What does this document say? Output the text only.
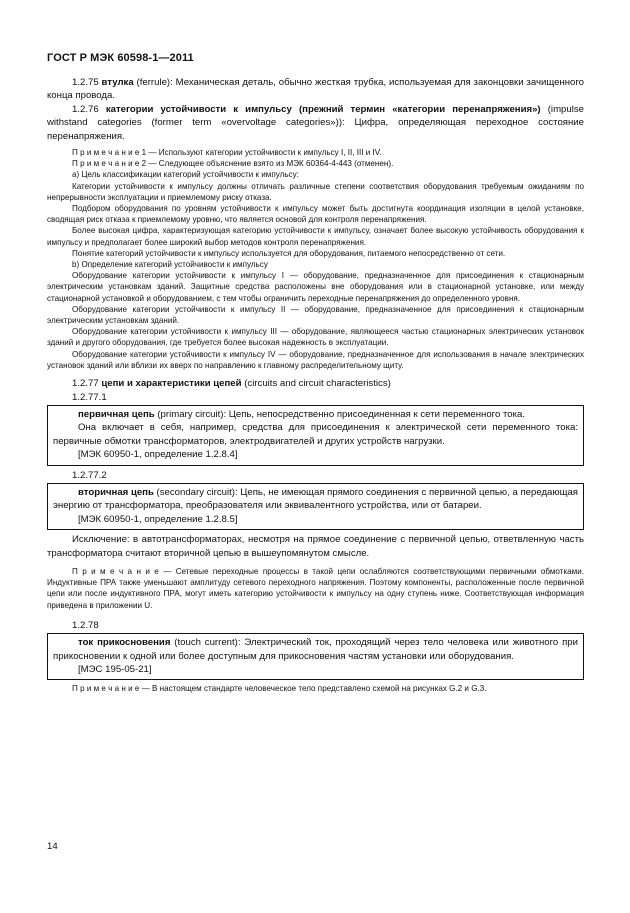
ГОСТ Р МЭК 60598-1—2011

1.2.75 втулка (ferrule): Механическая деталь, обычно жесткая трубка, используемая для законцовки зачищенного конца провода.

1.2.76 категории устойчивости к импульсу (прежний термин «категории перенапряжения») (impulse withstand categories (former term «overvoltage categories»)): Цифра, определяющая переходное состояние перенапряжения.

П р и м е ч а н и е 1 — Используют категории устойчивости к импульсу I, II, III и IV.

П р и м е ч а н и е 2 — Следующее объяснение взято из МЭК 60364-4-443 (отменен).

а) Цель классификации категорий устойчивости к импульсу:

Категории устойчивости к импульсу должны отличать различные степени соответствия оборудования требуемым ожиданиям по непрерывности эксплуатации и приемлемому риску отказа.

Подбором оборудования по уровням устойчивости к импульсу может быть достигнута координация изоляции в целой установке, сводящая риск отказа к приемлемому уровню, что является основой для контроля перенапряжения.

Более высокая цифра, характеризующая категорию устойчивости к импульсу, означает более высокую устойчивость оборудования к импульсу и предполагает более широкий выбор методов контроля перенапряжения.

Понятие категорий устойчивости к импульсу используется для оборудования, питаемого непосредственно от сети.

b) Определение категорий устойчивости к импульсу

Оборудование категории устойчивости к импульсу I — оборудование, предназначенное для присоединения к стационарным электрическим установкам зданий. Защитные средства расположены вне оборудования или в стационарной установке, или между стационарной установкой и оборудованием, с тем чтобы ограничить переходные перенапряжения до определенного уровня.

Оборудование категории устойчивости к импульсу II — оборудование, предназначенное для присоединения к стационарным электрическим установкам зданий.

Оборудование категории устойчивости к импульсу III — оборудование, являющееся частью стационарных электрических установок зданий и другого оборудования, где требуется более высокая надежность в эксплуатации.

Оборудование категории устойчивости к импульсу IV — оборудование, предназначенное для использования в начале электрических установок зданий или вблизи их вверх по направлению к главному распределительному щиту.

1.2.77 цепи и характеристики цепей (circuits and circuit characteristics)

1.2.77.1

первичная цепь (primary circuit): Цепь, непосредственно присоединенная к сети переменного тока.

Она включает в себя, например, средства для присоединения к электрической сети переменного тока: первичные обмотки трансформаторов, электродвигателей и других устройств нагрузки.

[МЭК 60950-1, определение 1.2.8.4]

1.2.77.2

вторичная цепь (secondary circuit): Цепь, не имеющая прямого соединения с первичной цепью, а передающая энергию от трансформатора, преобразователя или эквивалентного устройства, или от батареи.

[МЭК 60950-1, определение 1.2.8.5]

Исключение: в автотрансформаторах, несмотря на прямое соединение с первичной цепью, ответвленную часть трансформатора считают вторичной цепью в вышеупомянутом смысле.

П р и м е ч а н и е — Сетевые переходные процессы в такой цепи ослабляются соответствующими первичными обмотками. Индуктивные ПРА также уменьшают амплитуду сетевого переходного напряжения. Поэтому компоненты, расположенные после первичной цепи или после индуктивного ПРА, могут иметь категорию устойчивости к импульсу на одну ступень ниже. Соответствующая информация приведена в приложении U.

1.2.78

ток прикосновения (touch current): Электрический ток, проходящий через тело человека или животного при прикосновении к одной или более доступным для прикосновения частям установки или оборудования.

[МЭС 195-05-21]

П р и м е ч а н и е — В настоящем стандарте человеческое тело представлено схемой на рисунках G.2 и G.3.

14
